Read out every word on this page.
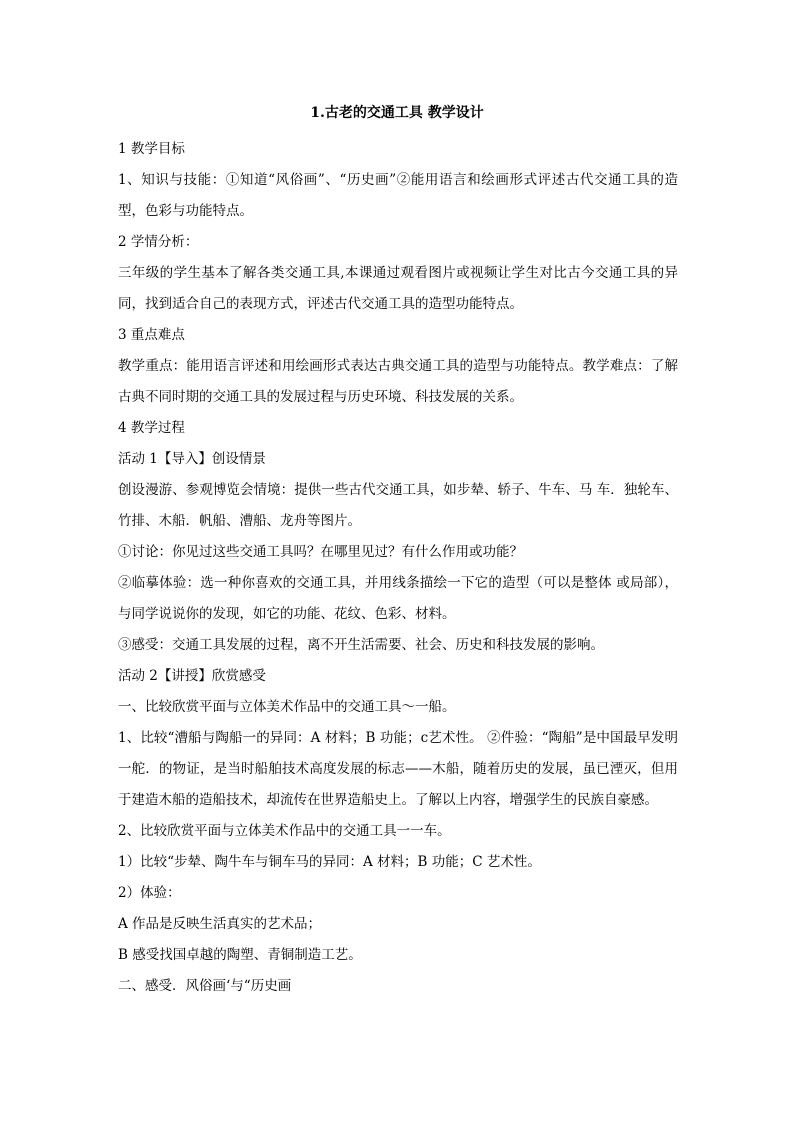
1.古老的交通工具 教学设计

1 教学目标

1、知识与技能：①知道“风俗画”、“历史画”②能用语言和绘画形式评述古代交通工具的造型，色彩与功能特点。

2 学情分析：

三年级的学生基本了解各类交通工具,本课通过观看图片或视频让学生对比古今交通工具的异同，找到适合自己的表现方式，评述古代交通工具的造型功能特点。

3 重点难点

教学重点：能用语言评述和用绘画形式表达古典交通工具的造型与功能特点。教学难点：了解古典不同时期的交通工具的发展过程与历史环境、科技发展的关系。

4 教学过程

活动 1【导入】创设情景

创设漫游、参观博览会情境：提供一些古代交通工具，如步辇、轿子、牛车、马 车．独轮车、竹排、木船．帆船、漕船、龙舟等图片。

①讨论：你见过这些交通工具吗？在哪里见过？有什么作用或功能？

②临摹体验：选一种你喜欢的交通工具，并用线条描绘一下它的造型（可以是整体 或局部），与同学说说你的发现，如它的功能、花纹、色彩、材料。

③感受：交通工具发展的过程，离不开生活需要、社会、历史和科技发展的影响。

活动 2【讲授】欣赏感受

一、比较欣赏平面与立体美术作品中的交通工具～一船。

1、比较“漕船与陶船一的异同：A 材料；B 功能；c艺术性。 ②件验：“陶船”是中国最早发明一舵．的物证，是当时船舶技术高度发展的标志——木船，随着历史的发展，虽已湮灭，但用于建造木船的造船技术，却流传在世界造船史上。了解以上内容，增强学生的民族自豪感。

2、比较欣赏平面与立体美术作品中的交通工具一一车。

1）比较“步辇、陶牛车与铜车马的异同：A 材料；B 功能；C 艺术性。

2）体验：

A 作品是反映生活真实的艺术品；

B 感受找国卓越的陶塑、青铜制造工艺。

二、感受．风俗画‘与“历史画
